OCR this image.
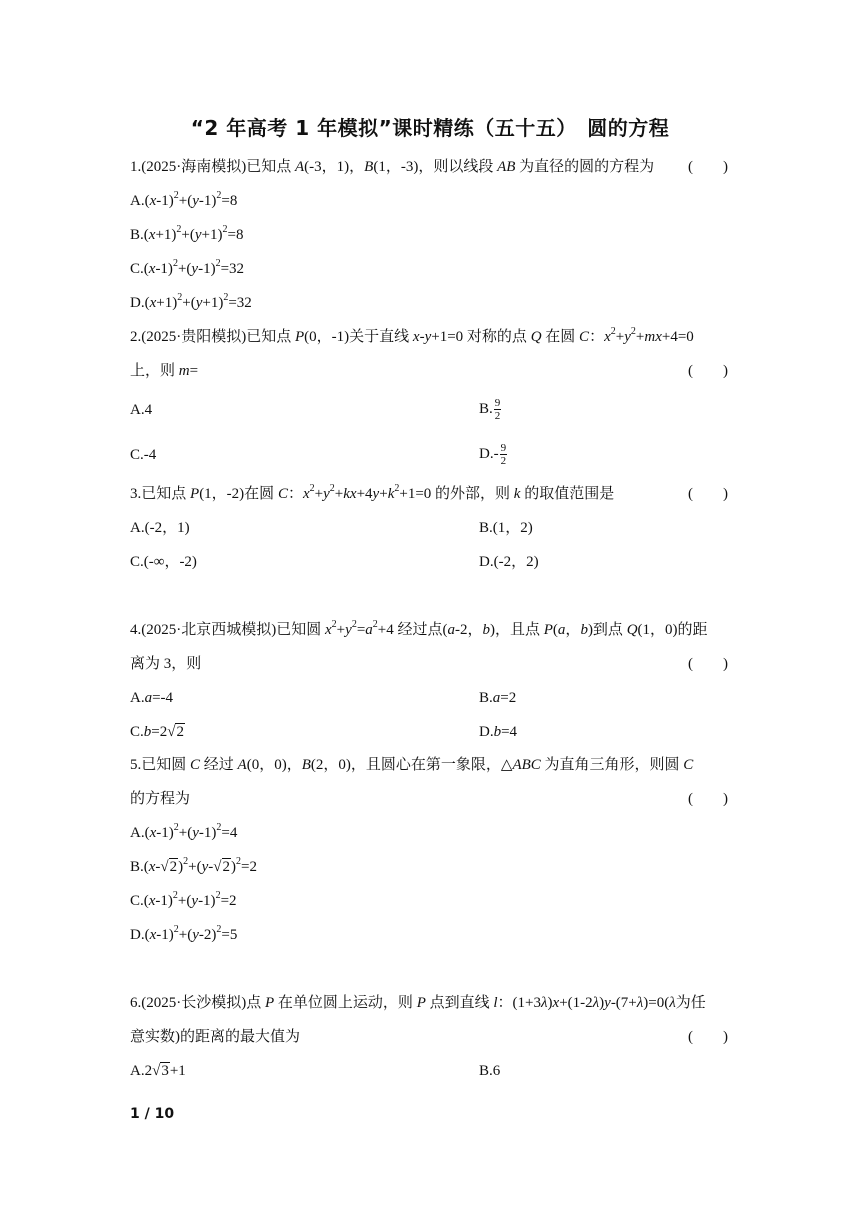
“2 年高考 1 年模拟”课时精练（五十五）　圆的方程
1.(2025·海南模拟)已知点 A(-3，1)，B(1，-3)，则以线段 AB 为直径的圆的方程为 (　　)
$A.(x-1)^2+(y-1)^2=8$
$B.(x+1)^2+(y+1)^2=8$
$C.(x-1)^2+(y-1)^2=32$
$D.(x+1)^2+(y+1)^2=32$
2.(2025·贵阳模拟)已知点 P(0，-1)关于直线 x-y+1=0 对称的点 Q 在圆 C：$x^2+y^2+mx+4=0$
上，则 m=	(　　)
A.4	B. $\frac{9}{2}$
C.-4	$D.- \frac{9}{2}$
3.已知点 P(1，-2)在圆 C：$x^2+y^2+kx+4y+k^2+1=0$ 的外部，则 k 的取值范围是	(　　)
A.(-2，1)	B.(1，2)
C.(-∞，-2)	D.(-2，2)
4.(2025·北京西城模拟)已知圆 $x^2+y^2=a^2+4$ 经过点(a-2，b)，且点 P(a，b)到点 Q(1，0)的距
离为 3，则	(　　)
A.a=-4	B.a=2
C.b=2√2	D.b=4
5.已知圆 C 经过 A(0，0)，B(2，0)，且圆心在第一象限，△ABC 为直角三角形，则圆 C
的方程为	(　　)
$A.(x-1)^2+(y-1)^2=4$
$B.(x-√2)^2+(y-√2)^2=2$
$C.(x-1)^2+(y-1)^2=2$
$D.(x-1)^2+(y-2)^2=5$
6.(2025·长沙模拟)点 P 在单位圆上运动，则 P 点到直线 l：(1+3λ)x+(1-2λ)y-(7+λ)=0(λ为任
意实数)的距离的最大值为	(　　)
A.2√3+1	B.6
1 / 10
